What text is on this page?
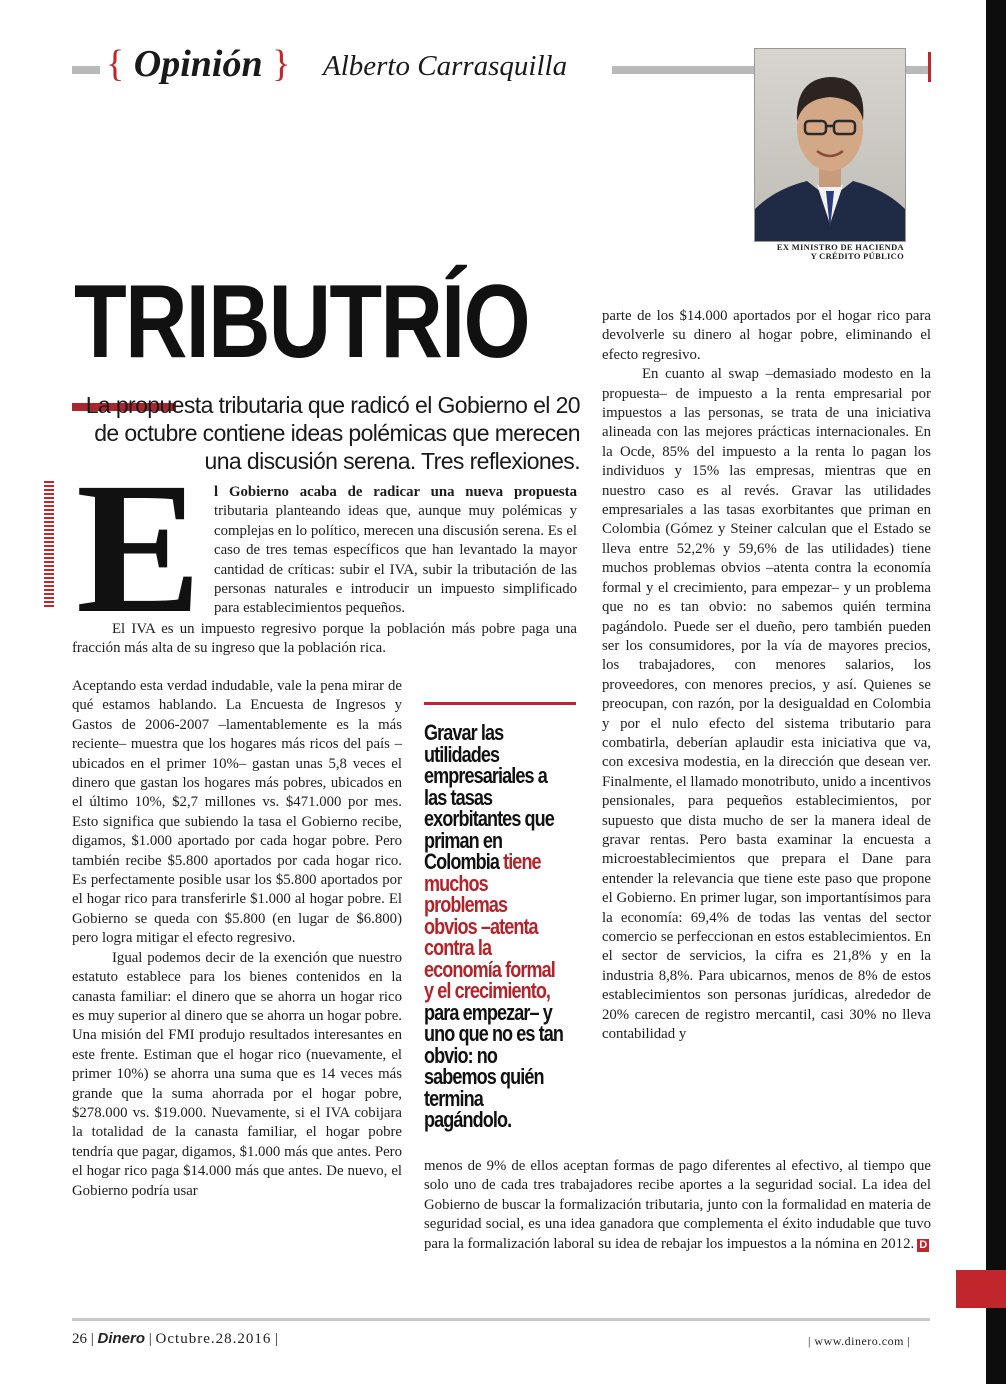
{ Opinión } Alberto Carrasquilla
EX MINISTRO DE HACIENDA
Y CRÉDITO PÚBLICO
TRIBUTRÍO
La propuesta tributaria que radicó el Gobierno el 20 de octubre contiene ideas polémicas que merecen una discusión serena. Tres reflexiones.
E l Gobierno acaba de radicar una nueva propuesta tributaria planteando ideas que, aunque muy polémicas y complejas en lo político, merecen una discusión serena. Es el caso de tres temas específicos que han levantado la mayor cantidad de críticas: subir el IVA, subir la tributación de las personas naturales e introducir un impuesto simplificado para establecimientos pequeños.

El IVA es un impuesto regresivo porque la población más pobre paga una fracción más alta de su ingreso que la población rica.

Aceptando esta verdad indudable, vale la pena mirar de qué estamos hablando. La Encuesta de Ingresos y Gastos de 2006-2007 –lamentablemente es la más reciente– muestra que los hogares más ricos del país –ubicados en el primer 10%– gastan unas 5,8 veces el dinero que gastan los hogares más pobres, ubicados en el último 10%, $2,7 millones vs. $471.000 por mes. Esto significa que subiendo la tasa el Gobierno recibe, digamos, $1.000 aportado por cada hogar pobre. Pero también recibe $5.800 aportados por cada hogar rico. Es perfectamente posible usar los $5.800 aportados por el hogar rico para transferirle $1.000 al hogar pobre. El Gobierno se queda con $5.800 (en lugar de $6.800) pero logra mitigar el efecto regresivo.

Igual podemos decir de la exención que nuestro estatuto establece para los bienes contenidos en la canasta familiar: el dinero que se ahorra un hogar rico es muy superior al dinero que se ahorra un hogar pobre. Una misión del FMI produjo resultados interesantes en este frente. Estiman que el hogar rico (nuevamente, el primer 10%) se ahorra una suma que es 14 veces más grande que la suma ahorrada por el hogar pobre, $278.000 vs. $19.000. Nuevamente, si el IVA cobijara la totalidad de la canasta familiar, el hogar pobre tendría que pagar, digamos, $1.000 más que antes. Pero el hogar rico paga $14.000 más que antes. De nuevo, el Gobierno podría usar

Gravar las utilidades empresariales a las tasas exorbitantes que priman en Colombia tiene muchos problemas obvios –atenta contra la economía formal y el crecimiento, para empezar– y uno que no es tan obvio: no sabemos quién termina pagándolo.

parte de los $14.000 aportados por el hogar rico para devolverle su dinero al hogar pobre, eliminando el efecto regresivo.

En cuanto al swap –demasiado modesto en la propuesta– de impuesto a la renta empresarial por impuestos a las personas, se trata de una iniciativa alineada con las mejores prácticas internacionales. En la Ocde, 85% del impuesto a la renta lo pagan los individuos y 15% las empresas, mientras que en nuestro caso es al revés. Gravar las utilidades empresariales a las tasas exorbitantes que priman en Colombia (Gómez y Steiner calculan que el Estado se lleva entre 52,2% y 59,6% de las utilidades) tiene muchos problemas obvios –atenta contra la economía formal y el crecimiento, para empezar– y un problema que no es tan obvio: no sabemos quién termina pagándolo. Puede ser el dueño, pero también pueden ser los consumidores, por la vía de mayores precios, los trabajadores, con menores salarios, los proveedores, con menores precios, y así. Quienes se preocupan, con razón, por la desigualdad en Colombia y por el nulo efecto del sistema tributario para combatirla, deberían aplaudir esta iniciativa que va, con excesiva modestia, en la dirección que desean ver. Finalmente, el llamado monotributo, unido a incentivos pensionales, para pequeños establecimientos, por supuesto que dista mucho de ser la manera ideal de gravar rentas. Pero basta examinar la encuesta a microestablecimientos que prepara el Dane para entender la relevancia que tiene este paso que propone el Gobierno. En primer lugar, son importantísimos para la economía: 69,4% de todas las ventas del sector comercio se perfeccionan en estos establecimientos. En el sector de servicios, la cifra es 21,8% y en la industria 8,8%. Para ubicarnos, menos de 8% de estos establecimientos son personas jurídicas, alrededor de 20% carecen de registro mercantil, casi 30% no lleva contabilidad y

menos de 9% de ellos aceptan formas de pago diferentes al efectivo, al tiempo que solo uno de cada tres trabajadores recibe aportes a la seguridad social. La idea del Gobierno de buscar la formalización tributaria, junto con la formalidad en materia de seguridad social, es una idea ganadora que complementa el éxito indudable que tuvo para la formalización laboral su idea de rebajar los impuestos a la nómina en 2012. D

26 | Dinero | Octubre.28.2016 |	| www.dinero.com |
